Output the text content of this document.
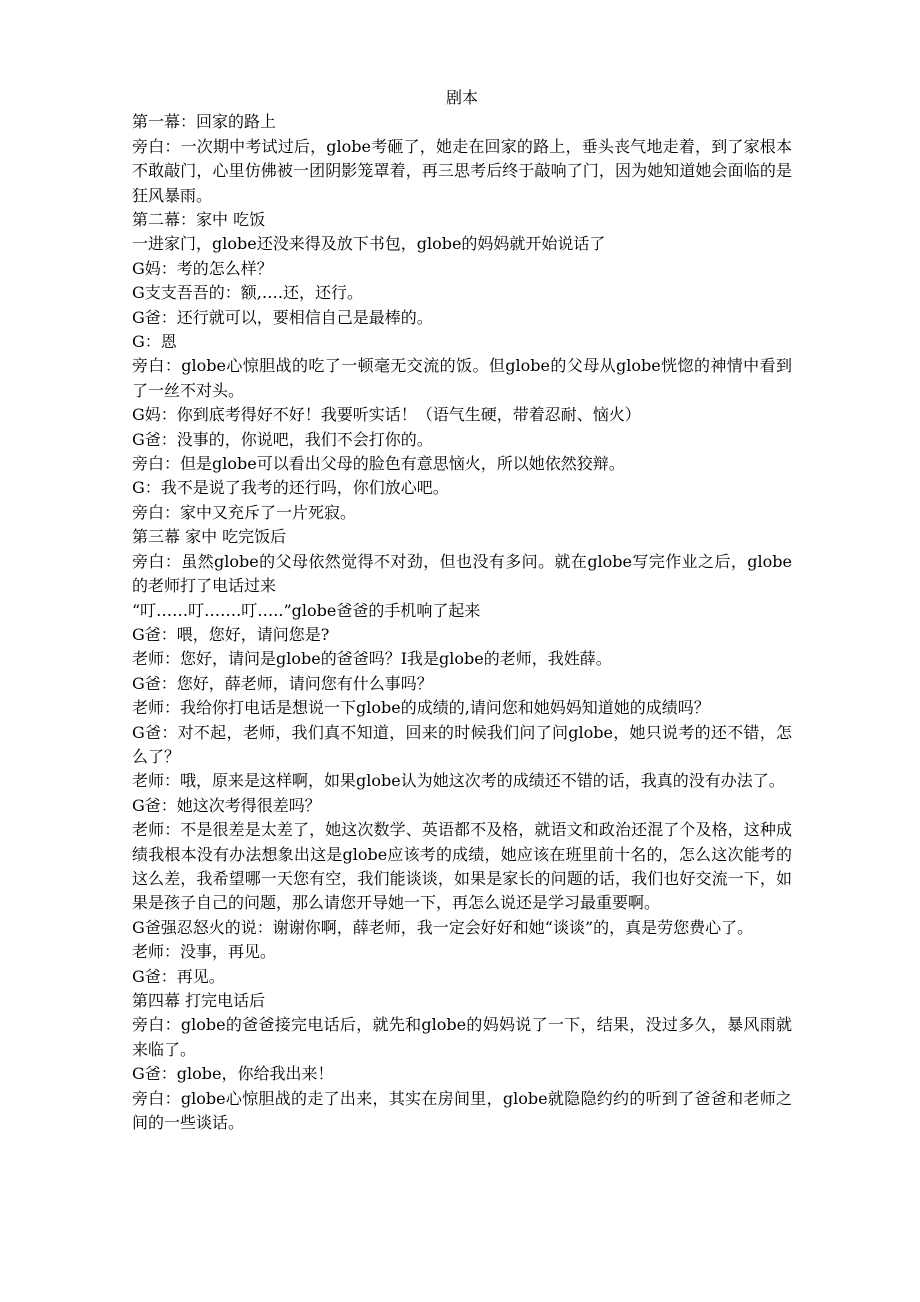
剧本

第一幕：回家的路上

旁白：一次期中考试过后，globe考砸了，她走在回家的路上，垂头丧气地走着，到了家根本不敢敲门，心里仿佛被一团阴影笼罩着，再三思考后终于敲响了门，因为她知道她会面临的是狂风暴雨。

第二幕：家中 吃饭

一进家门，globe还没来得及放下书包，globe的妈妈就开始说话了

G妈：考的怎么样？

G支支吾吾的：额,….还，还行。

G爸：还行就可以，要相信自己是最棒的。

G：恩

旁白：globe心惊胆战的吃了一顿毫无交流的饭。但globe的父母从globe恍惚的神情中看到了一丝不对头。

G妈：你到底考得好不好！我要听实话！（语气生硬，带着忍耐、恼火）

G爸：没事的，你说吧，我们不会打你的。

旁白：但是globe可以看出父母的脸色有意思恼火，所以她依然狡辩。

G：我不是说了我考的还行吗，你们放心吧。

旁白：家中又充斥了一片死寂。

第三幕 家中 吃完饭后

旁白：虽然globe的父母依然觉得不对劲，但也没有多问。就在globe写完作业之后，globe的老师打了电话过来

“叮……叮…….叮…..”globe爸爸的手机响了起来

G爸：喂，您好，请问您是?

老师：您好，请问是globe的爸爸吗？I我是globe的老师，我姓薛。

G爸：您好，薛老师，请问您有什么事吗？

老师：我给你打电话是想说一下globe的成绩的,请问您和她妈妈知道她的成绩吗？

G爸：对不起，老师，我们真不知道，回来的时候我们问了问globe，她只说考的还不错，怎么了？

老师：哦，原来是这样啊，如果globe认为她这次考的成绩还不错的话，我真的没有办法了。

G爸：她这次考得很差吗？

老师：不是很差是太差了，她这次数学、英语都不及格，就语文和政治还混了个及格，这种成绩我根本没有办法想象出这是globe应该考的成绩，她应该在班里前十名的，怎么这次能考的这么差，我希望哪一天您有空，我们能谈谈，如果是家长的问题的话，我们也好交流一下，如果是孩子自己的问题，那么请您开导她一下，再怎么说还是学习最重要啊。

G爸强忍怒火的说：谢谢你啊，薛老师，我一定会好好和她“谈谈”的，真是劳您费心了。

老师：没事，再见。

G爸：再见。

第四幕 打完电话后

旁白：globe的爸爸接完电话后，就先和globe的妈妈说了一下，结果，没过多久，暴风雨就来临了。

G爸：globe，你给我出来！

旁白：globe心惊胆战的走了出来，其实在房间里，globe就隐隐约约的听到了爸爸和老师之间的一些谈话。
